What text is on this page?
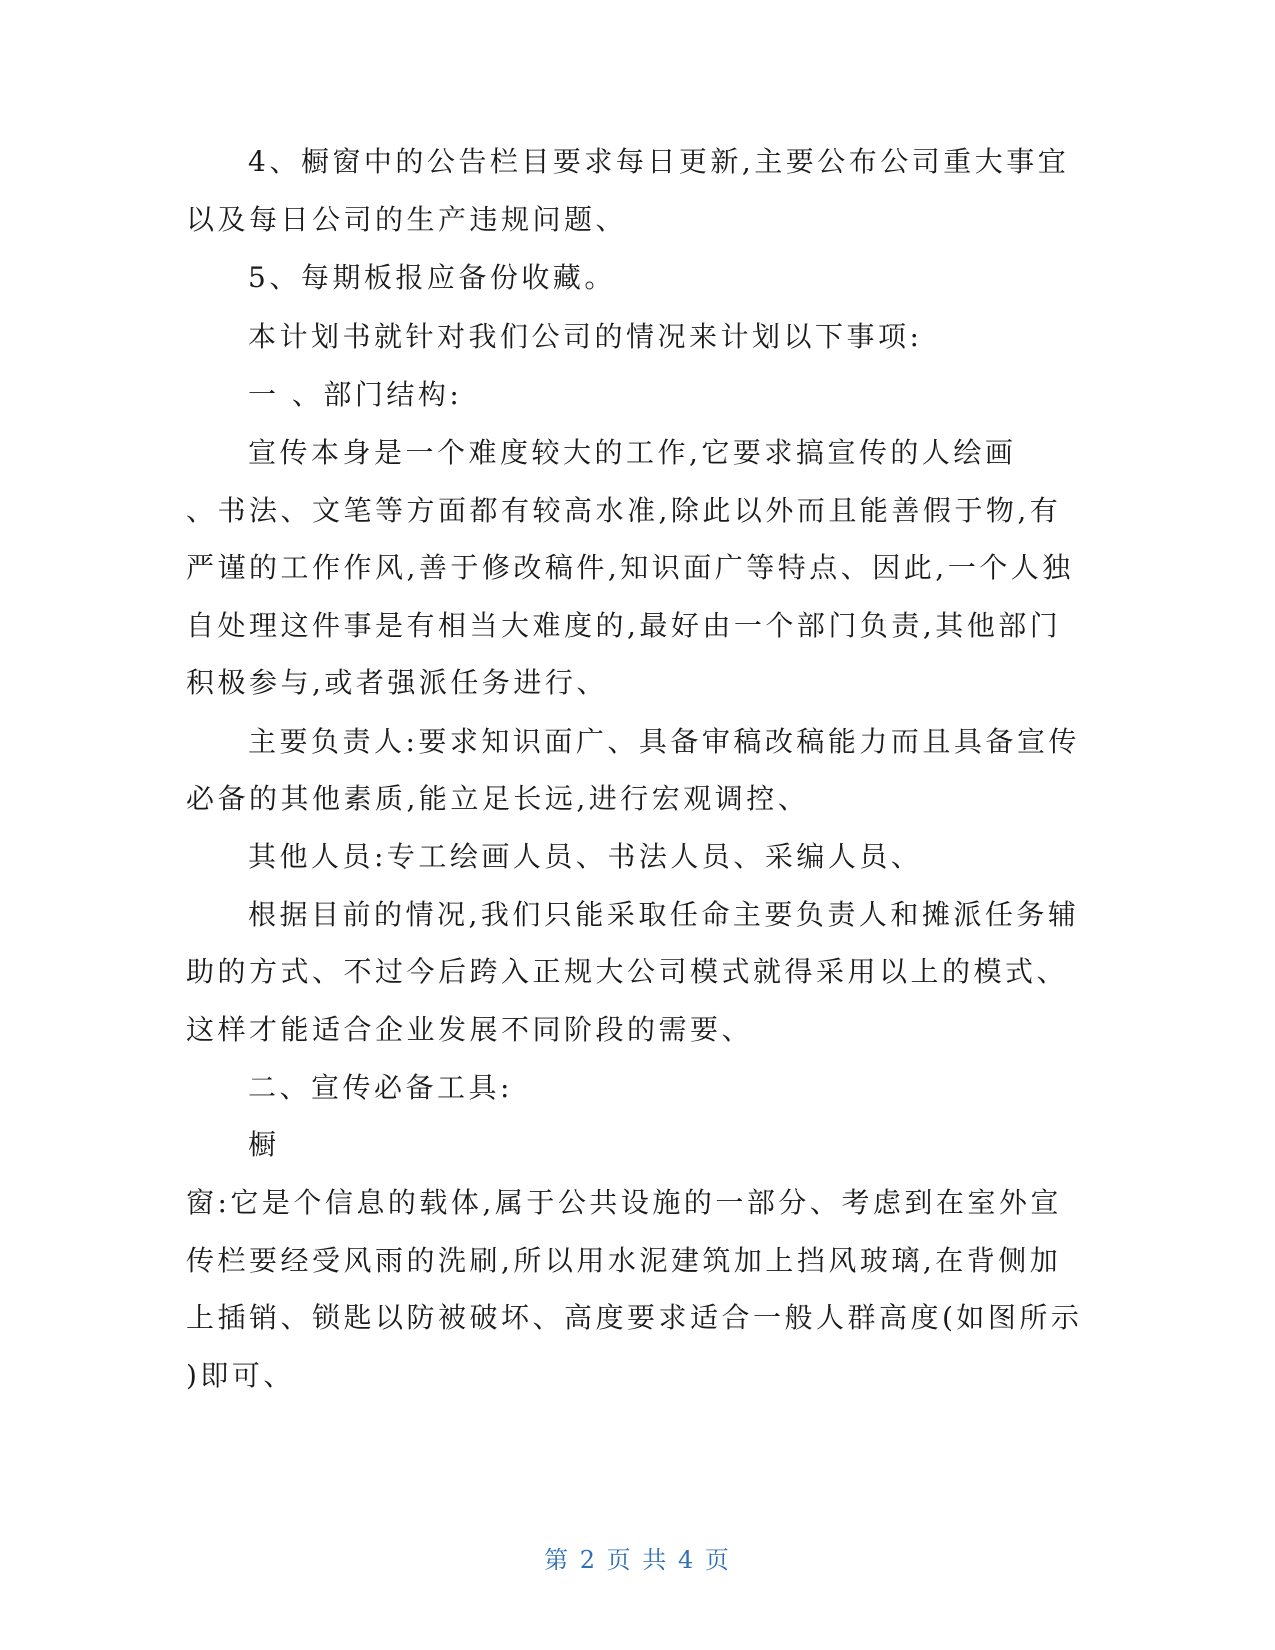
4、橱窗中的公告栏目要求每日更新,主要公布公司重大事宜
以及每日公司的生产违规问题、
5、每期板报应备份收藏。
本计划书就针对我们公司的情况来计划以下事项:
一 、部门结构:
宣传本身是一个难度较大的工作,它要求搞宣传的人绘画
、书法、文笔等方面都有较高水准,除此以外而且能善假于物,有
严谨的工作作风,善于修改稿件,知识面广等特点、因此,一个人独
自处理这件事是有相当大难度的,最好由一个部门负责,其他部门
积极参与,或者强派任务进行、
主要负责人:要求知识面广、具备审稿改稿能力而且具备宣传
必备的其他素质,能立足长远,进行宏观调控、
其他人员:专工绘画人员、书法人员、采编人员、
根据目前的情况,我们只能采取任命主要负责人和摊派任务辅
助的方式、不过今后跨入正规大公司模式就得采用以上的模式、
这样才能适合企业发展不同阶段的需要、
二、宣传必备工具:
橱
窗:它是个信息的载体,属于公共设施的一部分、考虑到在室外宣
传栏要经受风雨的洗刷,所以用水泥建筑加上挡风玻璃,在背侧加
上插销、锁匙以防被破坏、高度要求适合一般人群高度(如图所示
)即可、
第 2 页 共 4 页
